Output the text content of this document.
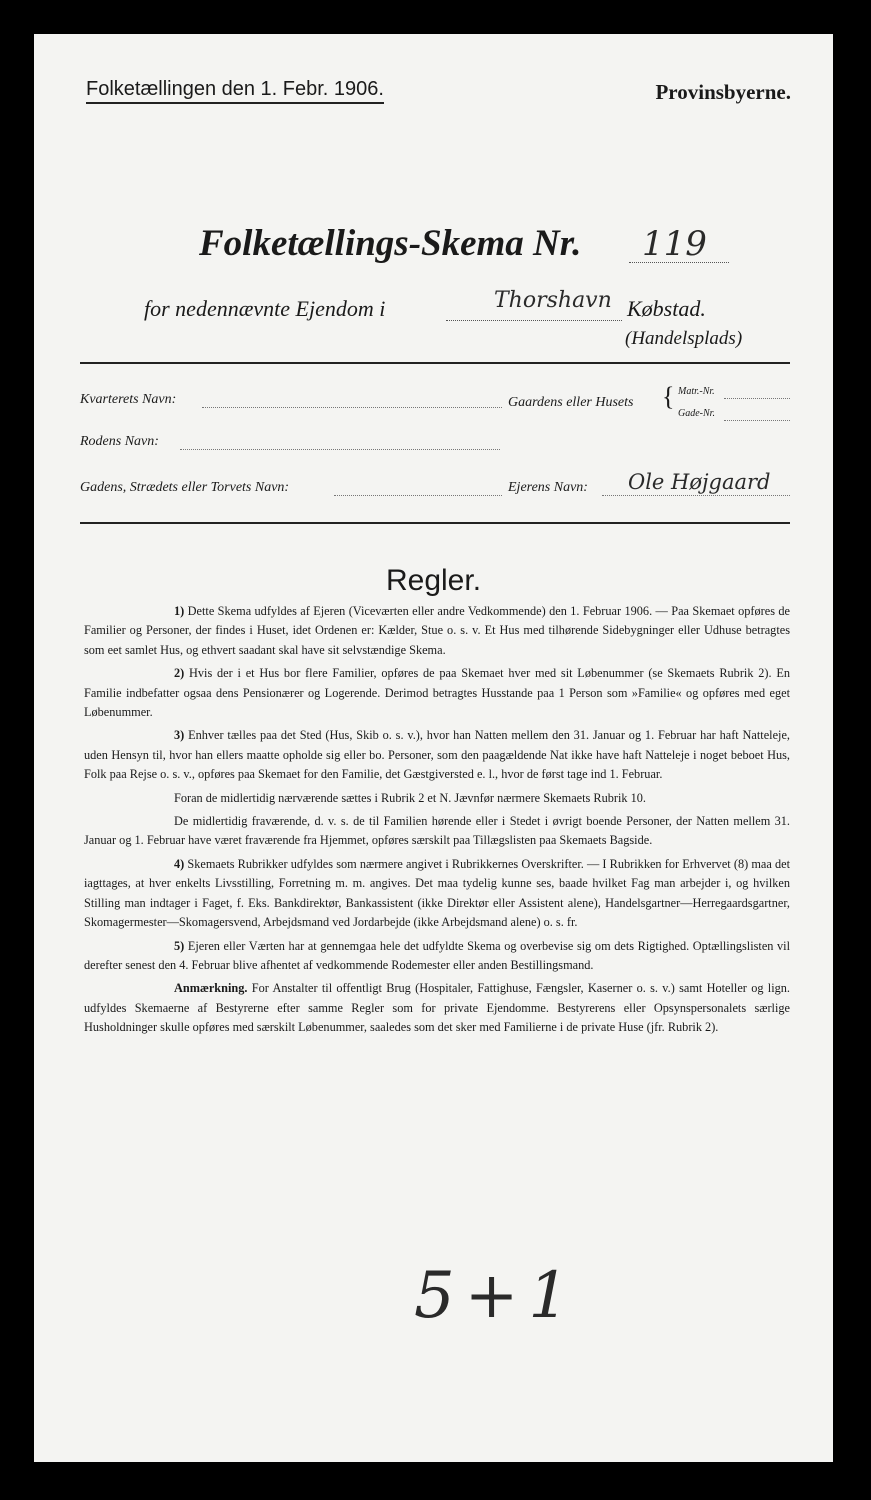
Folketællingen den 1. Febr. 1906.	Provinsbyerne.
Folketællings-Skema Nr. 119
for nedennævnte Ejendom i	Thorshavn Købstad.
(Handelsplads)
Kvarterets Navn:	Gaardens eller Husets { Matr.-Nr.
Gade-Nr.
Rodens Navn:
Gadens, Strædets eller Torvets Navn:	Ejerens Navn: Ole Højgaard
Regler.

1) Dette Skema udfyldes af Ejeren (Viceværten eller andre Vedkommende) den 1. Februar 1906. — Paa Skemaet opføres de Familier og Personer, der findes i Huset, idet Ordenen er: Kælder, Stue o. s. v. Et Hus med tilhørende Sidebygninger eller Udhuse betragtes som eet samlet Hus, og ethvert saadant skal have sit selvstændige Skema.

2) Hvis der i et Hus bor flere Familier, opføres de paa Skemaet hver med sit Løbenummer (se Skemaets Rubrik 2). En Familie indbefatter ogsaa dens Pensionærer og Logerende. Derimod betragtes Husstande paa 1 Person som »Familie« og opføres med eget Løbenummer.

3) Enhver tælles paa det Sted (Hus, Skib o. s. v.), hvor han Natten mellem den 31. Januar og 1. Februar har haft Natteleje, uden Hensyn til, hvor han ellers maatte opholde sig eller bo. Personer, som den paagældende Nat ikke have haft Natteleje i noget beboet Hus, Folk paa Rejse o. s. v., opføres paa Skemaet for den Familie, det Gæstgiversted e. l., hvor de først tage ind 1. Februar.

Foran de midlertidig nærværende sættes i Rubrik 2 et N. Jævnfør nærmere Skemaets Rubrik 10.

De midlertidig fraværende, d. v. s. de til Familien hørende eller i Stedet i øvrigt boende Personer, der Natten mellem 31. Januar og 1. Februar have været fraværende fra Hjemmet, opføres særskilt paa Tillægslisten paa Skemaets Bagside.

4) Skemaets Rubrikker udfyldes som nærmere angivet i Rubrikkernes Overskrifter. — I Rubrikken for Erhvervet (8) maa det iagttages, at hver enkelts Livsstilling, Forretning m. m. angives. Det maa tydelig kunne ses, baade hvilket Fag man arbejder i, og hvilken Stilling man indtager i Faget, f. Eks. Bankdirektør, Bankassistent (ikke Direktør eller Assistent alene), Handelsgartner—Herregaardsgartner, Skomagermester—Skomagersvend, Arbejdsmand ved Jordarbejde (ikke Arbejdsmand alene) o. s. fr.

5) Ejeren eller Værten har at gennemgaa hele det udfyldte Skema og overbevise sig om dets Rigtighed. Optællingslisten vil derefter senest den 4. Februar blive afhentet af vedkommende Rodemester eller anden Bestillingsmand.

Anmærkning. For Anstalter til offentligt Brug (Hospitaler, Fattighuse, Fængsler, Kaserner o. s. v.) samt Hoteller og lign. udfyldes Skemaerne af Bestyrerne efter samme Regler som for private Ejendomme. Bestyrerens eller Opsynspersonalets særlige Husholdninger skulle opføres med særskilt Løbenummer, saaledes som det sker med Familierne i de private Huse (jfr. Rubrik 2).

5+1
